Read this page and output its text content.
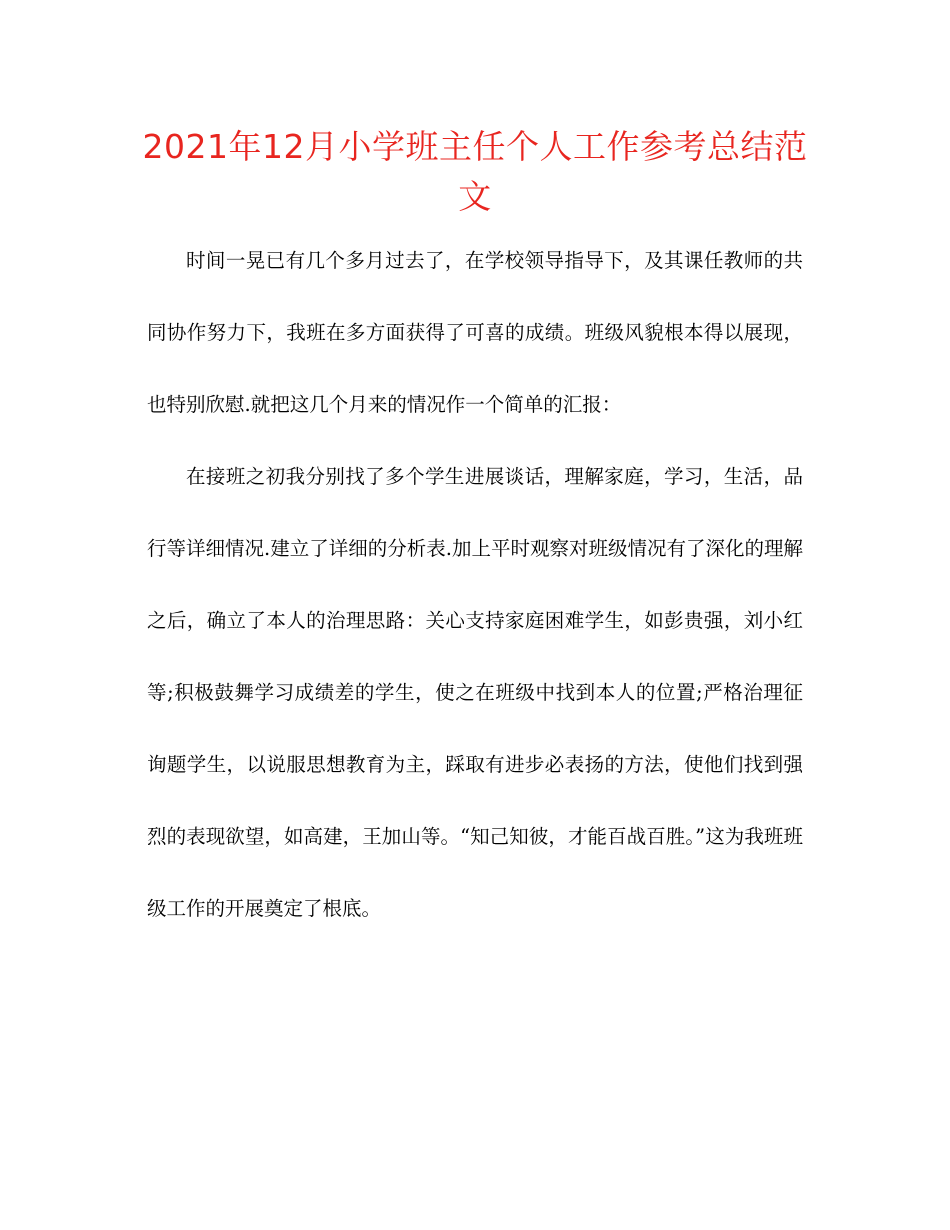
2021年12月小学班主任个人工作参考总结范文

时间一晃已有几个多月过去了，在学校领导指导下，及其课任教师的共同协作努力下，我班在多方面获得了可喜的成绩。班级风貌根本得以展现，也特别欣慰.就把这几个月来的情况作一个简单的汇报：

在接班之初我分别找了多个学生进展谈话，理解家庭，学习，生活，品行等详细情况.建立了详细的分析表.加上平时观察对班级情况有了深化的理解之后，确立了本人的治理思路：关心支持家庭困难学生，如彭贵强，刘小红等;积极鼓舞学习成绩差的学生，使之在班级中找到本人的位置;严格治理征询题学生，以说服思想教育为主，踩取有进步必表扬的方法，使他们找到强烈的表现欲望，如高建，王加山等。“知己知彼，才能百战百胜。”这为我班班级工作的开展奠定了根底。
